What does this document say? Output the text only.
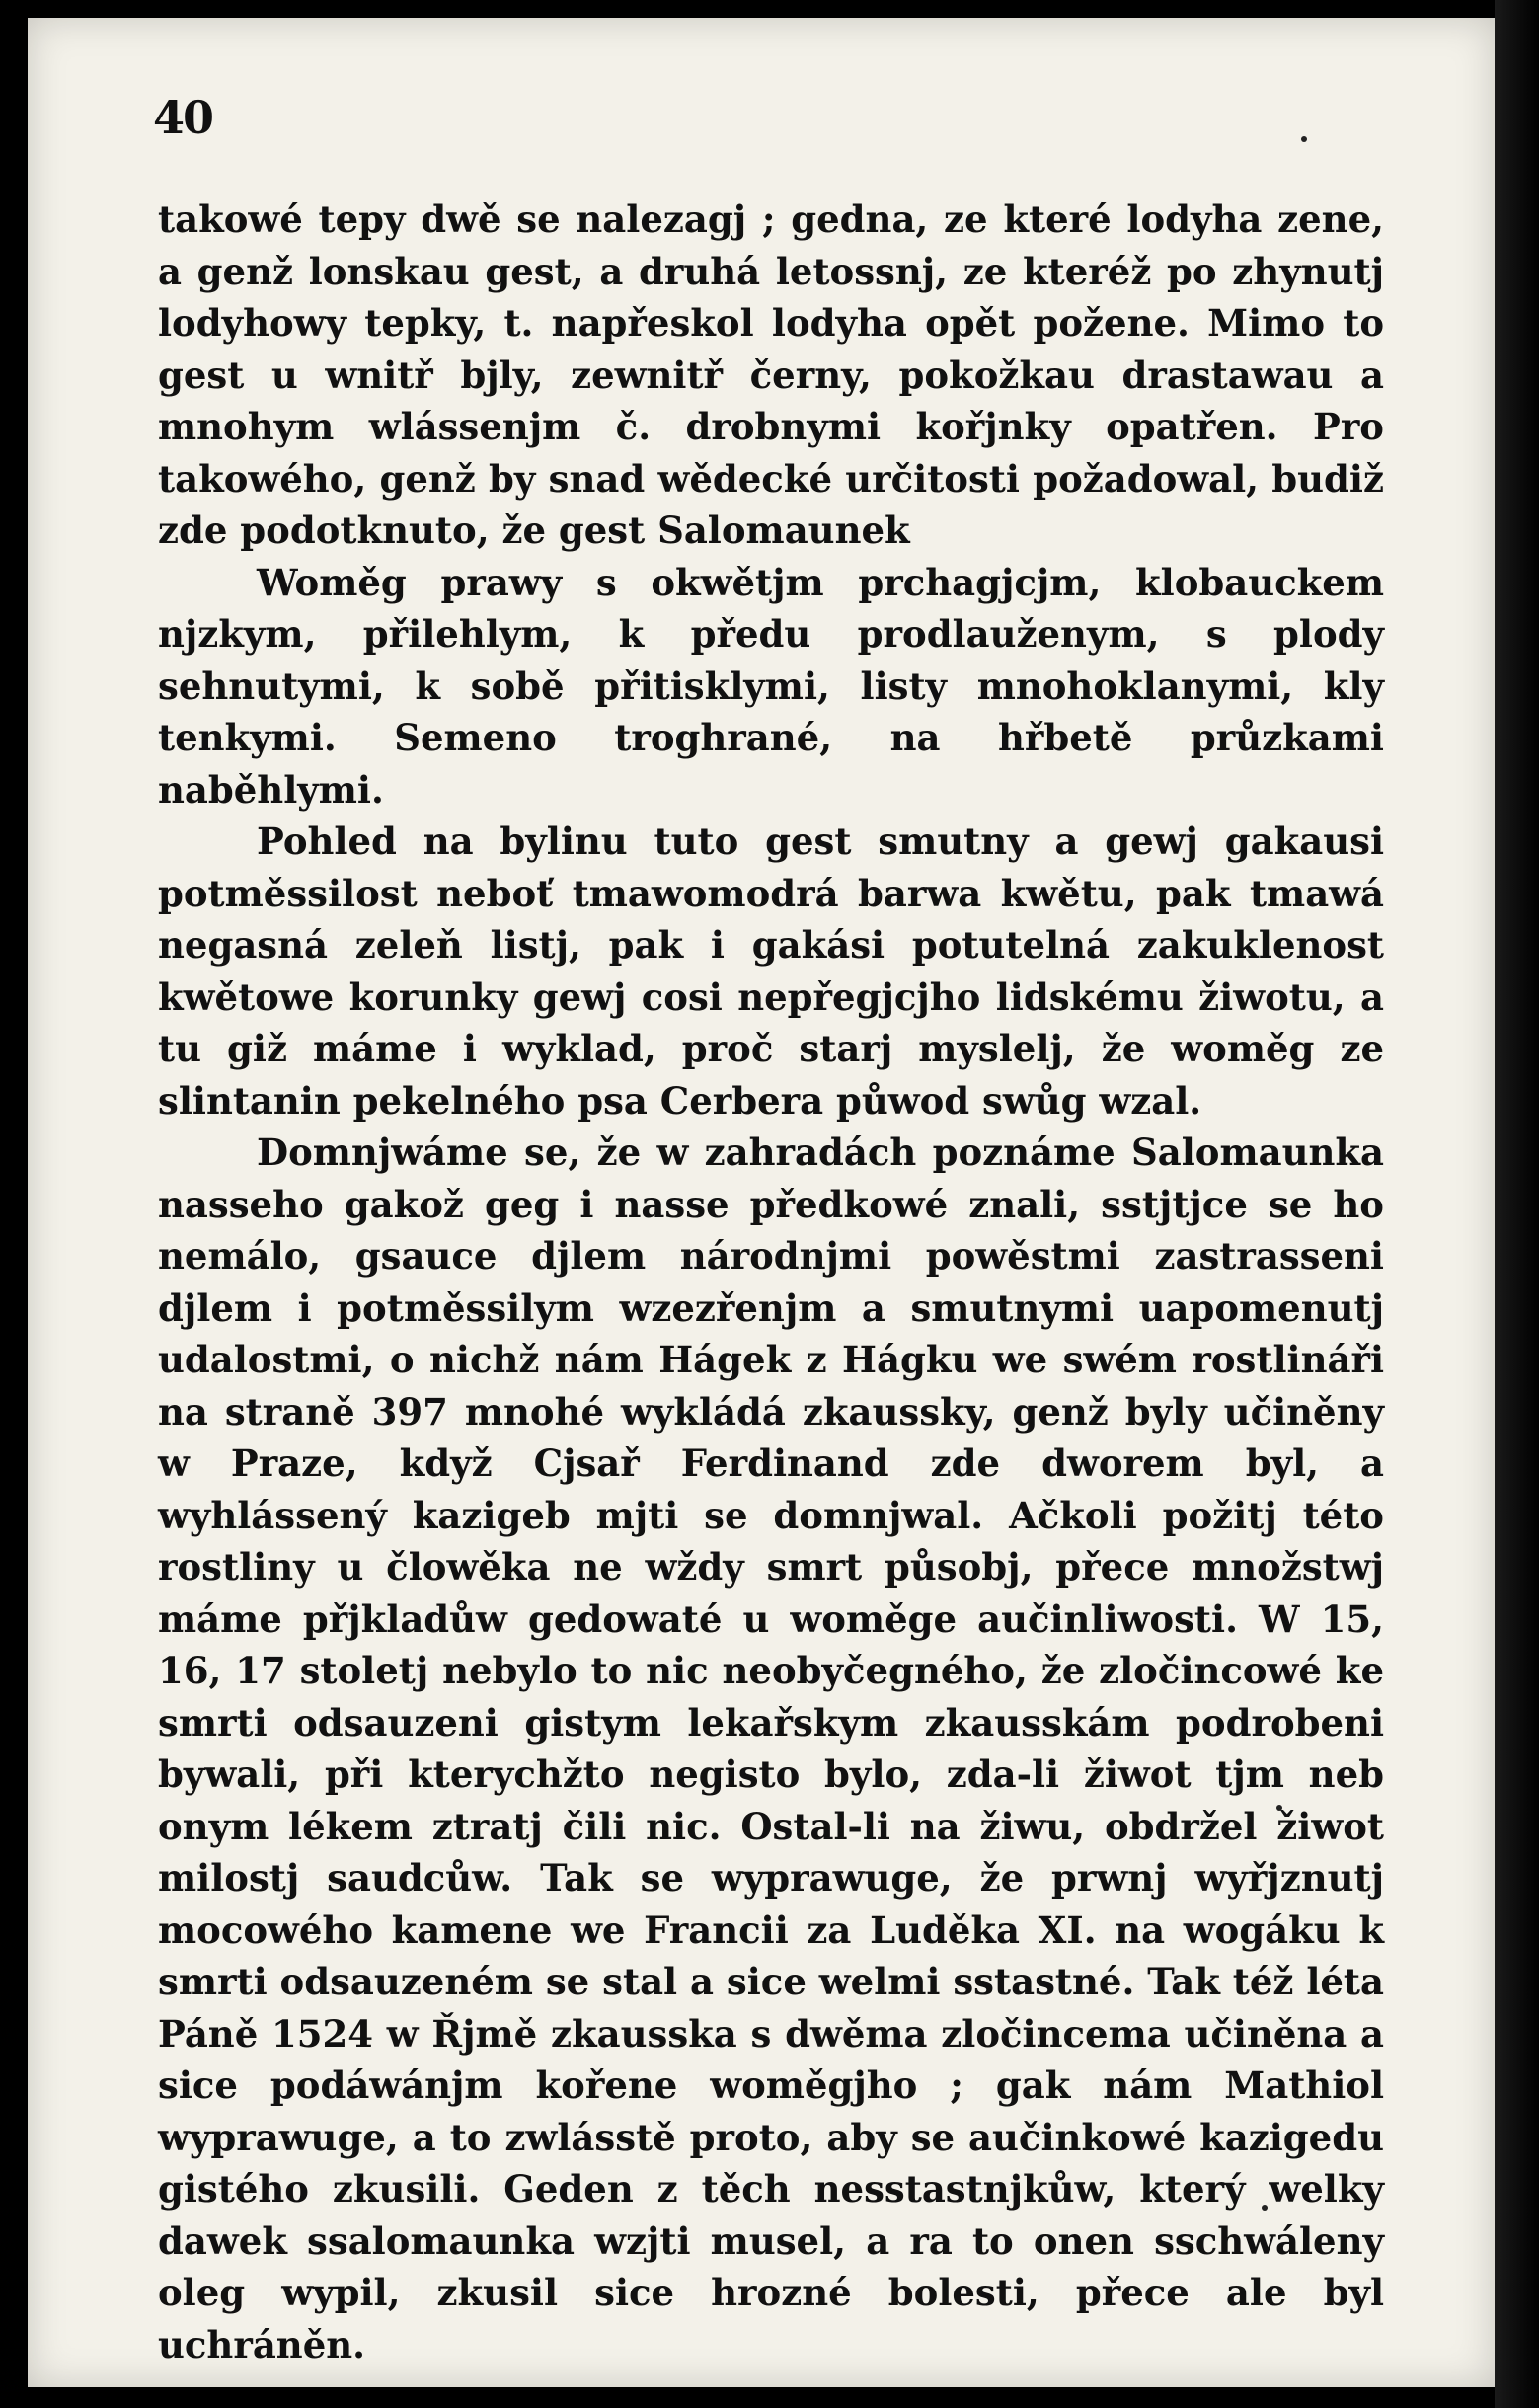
40

takowé tepy dwě se nalezagj ; gedna, ze které lodyha zene, a genž lonskau gest, a druhá letossnj, ze kteréž po zhynutj lodyhowy tepky, t. napřeskol lodyha opět požene. Mimo to gest u wnitř bjly, zewnitř černy, pokožkau drastawau a mnohym wlássenjm č. drobnymi kořjnky opatřen. Pro takowého, genž by snad wědecké určitosti požadowal, budiž zde podotknuto, že gest Salomaunek

Woměg prawy s okwětjm prchagjcjm, klobauckem njzkym, přilehlym, k předu prodlauženym, s plody sehnutymi, k sobě přitisklymi, listy mnohoklanymi, kly tenkymi. Semeno troghrané, na hřbetě průzkami naběhlymi.

Pohled na bylinu tuto gest smutny a gewj gakausi potměssilost neboť tmawomodrá barwa kwětu, pak tmawá negasná zeleň listj, pak i gakási potutelná zakuklenost kwětowe korunky gewj cosi nepřegjcjho lidskému žiwotu, a tu giž máme i wyklad, proč starj myslelj, že woměg ze slintanin pekelného psa Cerbera půwod swůg wzal.

Domnjwáme se, že w zahradách poznáme Salomaunka nasseho gakož geg i nasse předkowé znali, sstjtjce se ho nemálo, gsauce djlem národnjmi powěstmi zastrasseni djlem i potměssilym wzezřenjm a smutnymi uapomenutj udalostmi, o nichž nám Hágek z Hágku we swém rostlináři na straně 397 mnohé wykládá zkaussky, genž byly učiněny w Praze, když Cjsař Ferdinand zde dworem byl, a wyhlássený kazigeb mjti se domnjwal. Ačkoli požitj této rostliny u člowěka ne wždy smrt působj, přece množstwj máme přjkladůw gedowaté u woměge aučinliwosti. W 15, 16, 17 stoletj nebylo to nic neobyčegného, že zločincowé ke smrti odsauzeni gistym lekařskym zkausskám podrobeni bywali, při kterychžto negisto bylo, zda-li žiwot tjm neb onym lékem ztratj čili nic. Ostal-li na žiwu, obdržel žiwot milostj saudcůw. Tak se wyprawuge, že prwnj wyřjznutj mocowého kamene we Francii za Luděka XI. na wogáku k smrti odsauzeném se stal a sice welmi sstastné. Tak též léta Páně 1524 w Řjmě zkausska s dwěma zločincema učiněna a sice podáwánjm kořene woměgjho ; gak nám Mathiol wyprawuge, a to zwlásstě proto, aby se aučinkowé kazigedu gistého zkusili. Geden z těch nesstastnjkůw, který welky dawek ssalomaunka wzjti musel, a ra to onen sschwáleny oleg wypil, zkusil sice hrozné bolesti, přece ale byl uchráněn.
